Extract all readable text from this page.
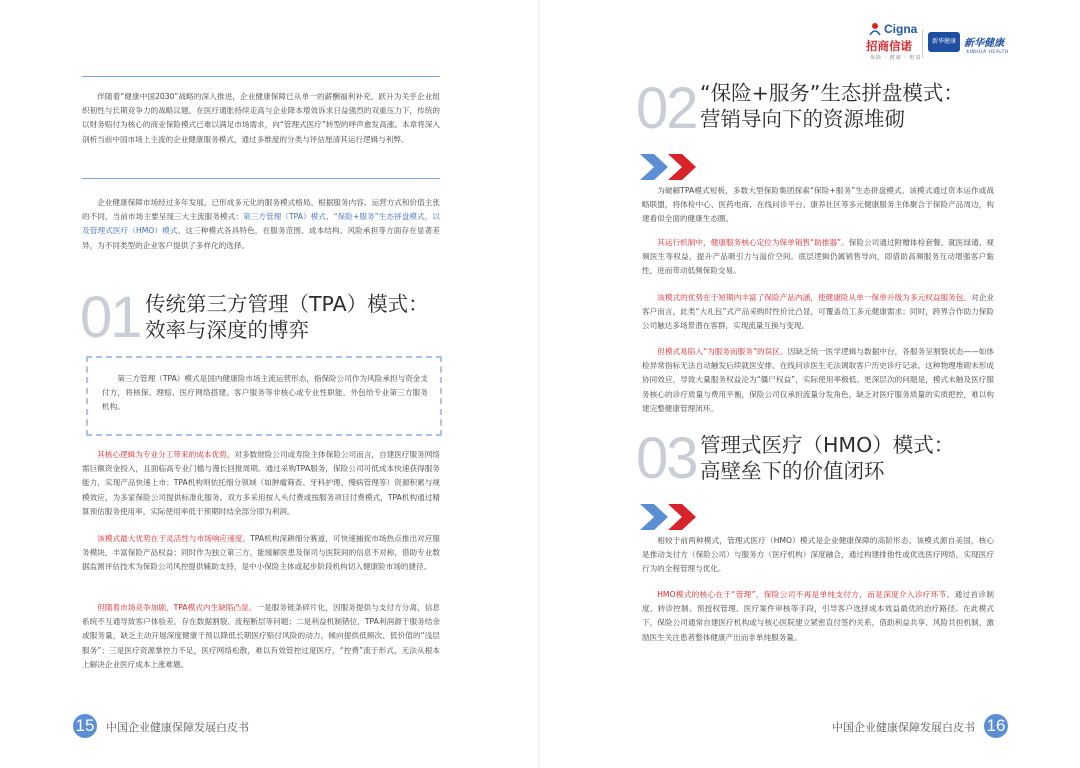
伴随着“健康中国2030”战略的深入推进，企业健康保障已从单一的薪酬福利补充，跃升为关乎企业组织韧性与长期竞争力的战略议题。在医疗通胀持续走高与企业降本增效诉求日益强烈的双重压力下，传统的以财务赔付为核心的商业保险模式已难以满足市场需求，向“管理式医疗”转型的呼声愈发高涨。本章将深入剖析当前中国市场上主流的企业健康服务模式，通过多维度的分类与评估厘清其运行逻辑与利弊。

企业健康保障市场经过多年发展，已形成多元化的服务模式格局。根据服务内容、运营方式和价值主张的不同，当前市场主要呈现三大主流服务模式：第三方管理（TPA）模式、“保险+服务”生态拼盘模式，以及管理式医疗（HMO）模式。这三种模式各具特色，在服务范围、成本结构、风险承担等方面存在显著差异，为不同类型的企业客户提供了多样化的选择。

01 传统第三方管理（TPA）模式：
效率与深度的博弈

第三方管理（TPA）模式是国内健康险市场主流运营形态，指保险公司作为风险承担与资金支付方，将核保、理赔、医疗网络搭建、客户服务等非核心或专业性职能，外包给专业第三方服务机构。

其核心逻辑为专业分工带来的成本优势。对多数财险公司或寿险主体保险公司而言，自建医疗服务网络需巨额资金投入，且面临高专业门槛与漫长回报周期。通过采购TPA服务，保险公司可低成本快速获得服务能力，实现产品快速上市；TPA机构则依托细分领域（如肿瘤筛查、牙科护理、慢病管理等）资源积累与规模效应，为多家保险公司提供标准化服务。双方多采用按人头付费或按服务项目付费模式，TPA机构通过精算预估服务使用率，实际使用率低于预期时结余部分即为利润。

该模式最大优势在于灵活性与市场响应速度。TPA机构深耕细分赛道，可快速捕捉市场热点推出对应服务模块，丰富保险产品权益；同时作为独立第三方，能缓解医患及保司与医院间的信息不对称，借助专业数据监测评估技术为保险公司风控提供辅助支持，是中小保险主体或起步阶段机构切入健康险市场的捷径。

但随着市场竞争加剧，TPA模式内生缺陷凸显。一是服务链条碎片化，因服务提供与支付方分离，信息系统不互通导致客户体验差，存在数据割裂、流程断层等问题；二是利益机制错位，TPA利润源于服务结余或服务量，缺乏主动开展深度健康干预以降低长期医疗赔付风险的动力，倾向提供低频次、低价值的“浅层服务”；三是医疗资源掌控力不足，医疗网络松散，难以有效管控过度医疗，“控费”流于形式，无法从根本上解决企业医疗成本上涨难题。

15 中国企业健康保障发展白皮书
Cigna
招商信诺
保险 · 健康 · 财富
新华健康 新华健康
XINHUA HEALTH
02 “保险+服务”生态拼盘模式：
营销导向下的资源堆砌

为破解TPA模式短板，多数大型保险集团探索“保险+服务”生态拼盘模式。该模式通过资本运作或战略联盟，将体检中心、医药电商、在线问诊平台、康养社区等多元健康服务主体聚合于保险产品周边，构建看似全面的健康生态圈。

其运行机制中，健康服务核心定位为保单销售“助推器”。保险公司通过附赠体检套餐、就医绿通、视频医生等权益，提升产品吸引力与溢价空间。底层逻辑仍属销售导向，即借助高频服务互动增强客户黏性，进而带动低频保险交易。

该模式的优势在于短期内丰富了保险产品内涵，使健康险从单一保单升级为多元权益服务包。对企业客户而言，此类“大礼包”式产品采购时性价比凸显，可覆盖员工多元健康需求；同时，跨界合作助力保险公司触达多场景潜在客群，实现流量互换与变现。

但模式易陷入“为服务而服务”的误区。因缺乏统一医学逻辑与数据中台，各服务呈割裂状态——如体检异常指标无法自动触发后续就医安排、在线问诊医生无法调取客户历史诊疗记录。这种物理堆砌未形成协同效应，导致大量服务权益沦为“僵尸权益”，实际使用率极低。更深层次的问题是，模式未触及医疗服务核心的诊疗质量与费用平衡，保险公司仅承担流量分发角色，缺乏对医疗服务质量的实质把控，难以构建完整健康管理闭环。

03 管理式医疗（HMO）模式：
高壁垒下的价值闭环

相较于前两种模式，管理式医疗（HMO）模式是企业健康保障的高阶形态。该模式源自美国，核心是推动支付方（保险公司）与服务方（医疗机构）深度融合，通过构建排他性或优选医疗网络，实现医疗行为的全程管理与优化。

HMO模式的核心在于“管理”，保险公司不再是单纯支付方，而是深度介入诊疗环节。通过首诊制度、转诊控制、预授权管理、医疗案件审核等手段，引导客户选择成本效益最优的治疗路径。在此模式下，保险公司通常自建医疗机构或与核心医院建立紧密直付签约关系，借助利益共享、风险共担机制，激励医生关注患者整体健康产出而非单纯服务量。

中国企业健康保障发展白皮书 16
